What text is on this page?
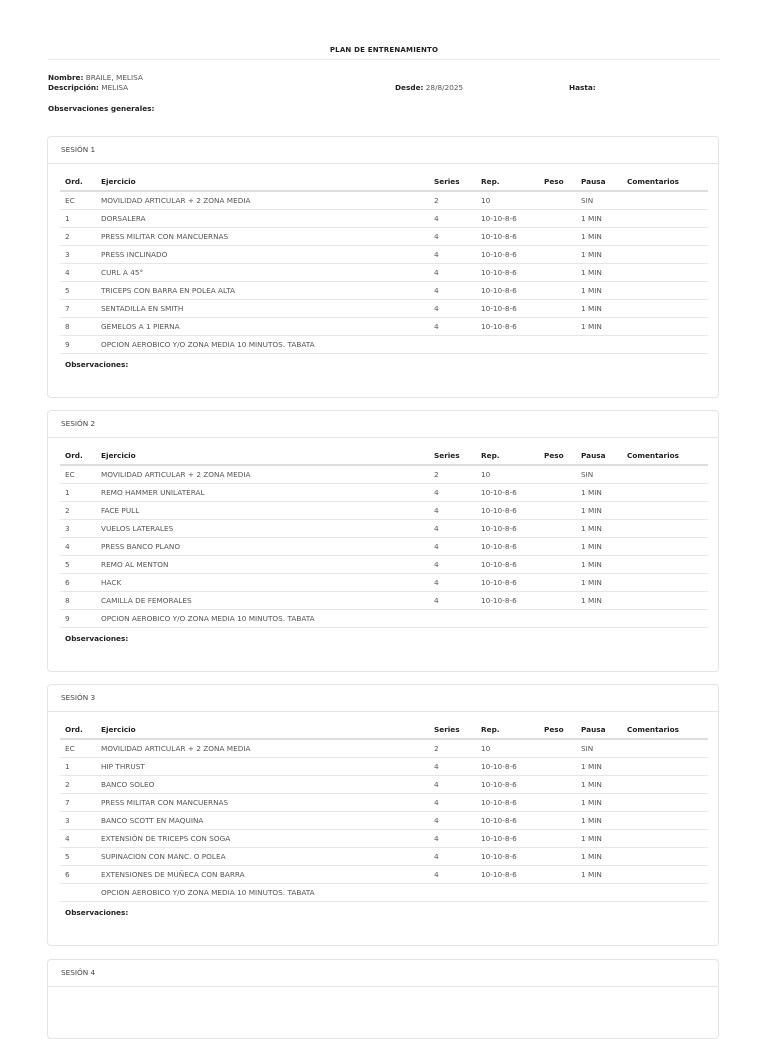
PLAN DE ENTRENAMIENTO
Nombre: BRAILE, MELISA
Descripción: MELISA	Desde: 28/8/2025	Hasta:
Observaciones generales:
SESIÓN 1
Ord.	Ejercicio	Series	Rep.	Peso	Pausa	Comentarios
EC	MOVILIDAD ARTICULAR + 2 ZONA MEDIA	2	10		SIN	
1	DORSALERA	4	10-10-8-6		1 MIN	
2	PRESS MILITAR CON MANCUERNAS	4	10-10-8-6		1 MIN	
3	PRESS INCLINADO	4	10-10-8-6		1 MIN	
4	CURL A 45°	4	10-10-8-6		1 MIN	
5	TRICEPS CON BARRA EN POLEA ALTA	4	10-10-8-6		1 MIN	
7	SENTADILLA EN SMITH	4	10-10-8-6		1 MIN	
8	GEMELOS A 1 PIERNA	4	10-10-8-6		1 MIN	
9	OPCION AEROBICO Y/O ZONA MEDIA 10 MINUTOS. TABATA					
Observaciones:
SESIÓN 2
Ord.	Ejercicio	Series	Rep.	Peso	Pausa	Comentarios
EC	MOVILIDAD ARTICULAR + 2 ZONA MEDIA	2	10		SIN	
1	REMO HAMMER UNILATERAL	4	10-10-8-6		1 MIN	
2	FACE PULL	4	10-10-8-6		1 MIN	
3	VUELOS LATERALES	4	10-10-8-6		1 MIN	
4	PRESS BANCO PLANO	4	10-10-8-6		1 MIN	
5	REMO AL MENTON	4	10-10-8-6		1 MIN	
6	HACK	4	10-10-8-6		1 MIN	
8	CAMILLA DE FEMORALES	4	10-10-8-6		1 MIN	
9	OPCION AEROBICO Y/O ZONA MEDIA 10 MINUTOS. TABATA					
Observaciones:
SESIÓN 3
Ord.	Ejercicio	Series	Rep.	Peso	Pausa	Comentarios
EC	MOVILIDAD ARTICULAR + 2 ZONA MEDIA	2	10		SIN	
1	HIP THRUST	4	10-10-8-6		1 MIN	
2	BANCO SOLEO	4	10-10-8-6		1 MIN	
7	PRESS MILITAR CON MANCUERNAS	4	10-10-8-6		1 MIN	
3	BANCO SCOTT EN MAQUINA	4	10-10-8-6		1 MIN	
4	EXTENSIÓN DE TRICEPS CON SOGA	4	10-10-8-6		1 MIN	
5	SUPINACION CON MANC. O POLEA	4	10-10-8-6		1 MIN	
6	EXTENSIONES DE MUÑECA CON BARRA	4	10-10-8-6		1 MIN	
	OPCION AEROBICO Y/O ZONA MEDIA 10 MINUTOS. TABATA					
Observaciones:
SESIÓN 4
